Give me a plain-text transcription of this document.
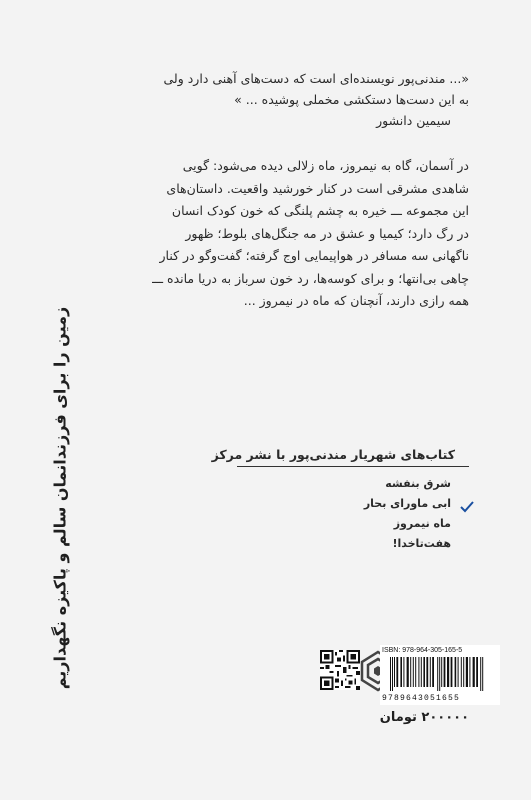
زمین را برای فرزندانمان سالم و پاکیزه نگهداریم
«... مندنی‌پور نویسنده‌ای است که دست‌های آهنی دارد ولی
به این دست‌ها دستکشی مخملی پوشیده ... »
سیمین دانشور
در آسمان، گاه به نیمروز، ماه زلالی دیده می‌شود: گویی
شاهدی مشرقی است در کنار خورشید واقعیت. داستان‌های
این مجموعه ـــ خیره به چشم پلنگی که خون کودک انسان
در رگ دارد؛ کیمیا و عشق در مه جنگل‌های بلوط؛ ظهور
ناگهانی سه مسافر در هواپیمایی اوج گرفته؛ گفت‌وگو در کنار
چاهی بی‌انتها؛ و برای کوسه‌ها، رد خون سرباز به دریا مانده ـــ
همه رازی دارند، آنچنان که ماه در نیمروز ...
کتاب‌های شهریار مندنی‌پور با نشر مرکز
شرق بنفشه
ابی ماورای بحار
ماه نیمروز
هفت‌تاخدا!
ISBN: 978-964-305-165-5
9789643051655
۲۰۰۰۰۰ تومان
